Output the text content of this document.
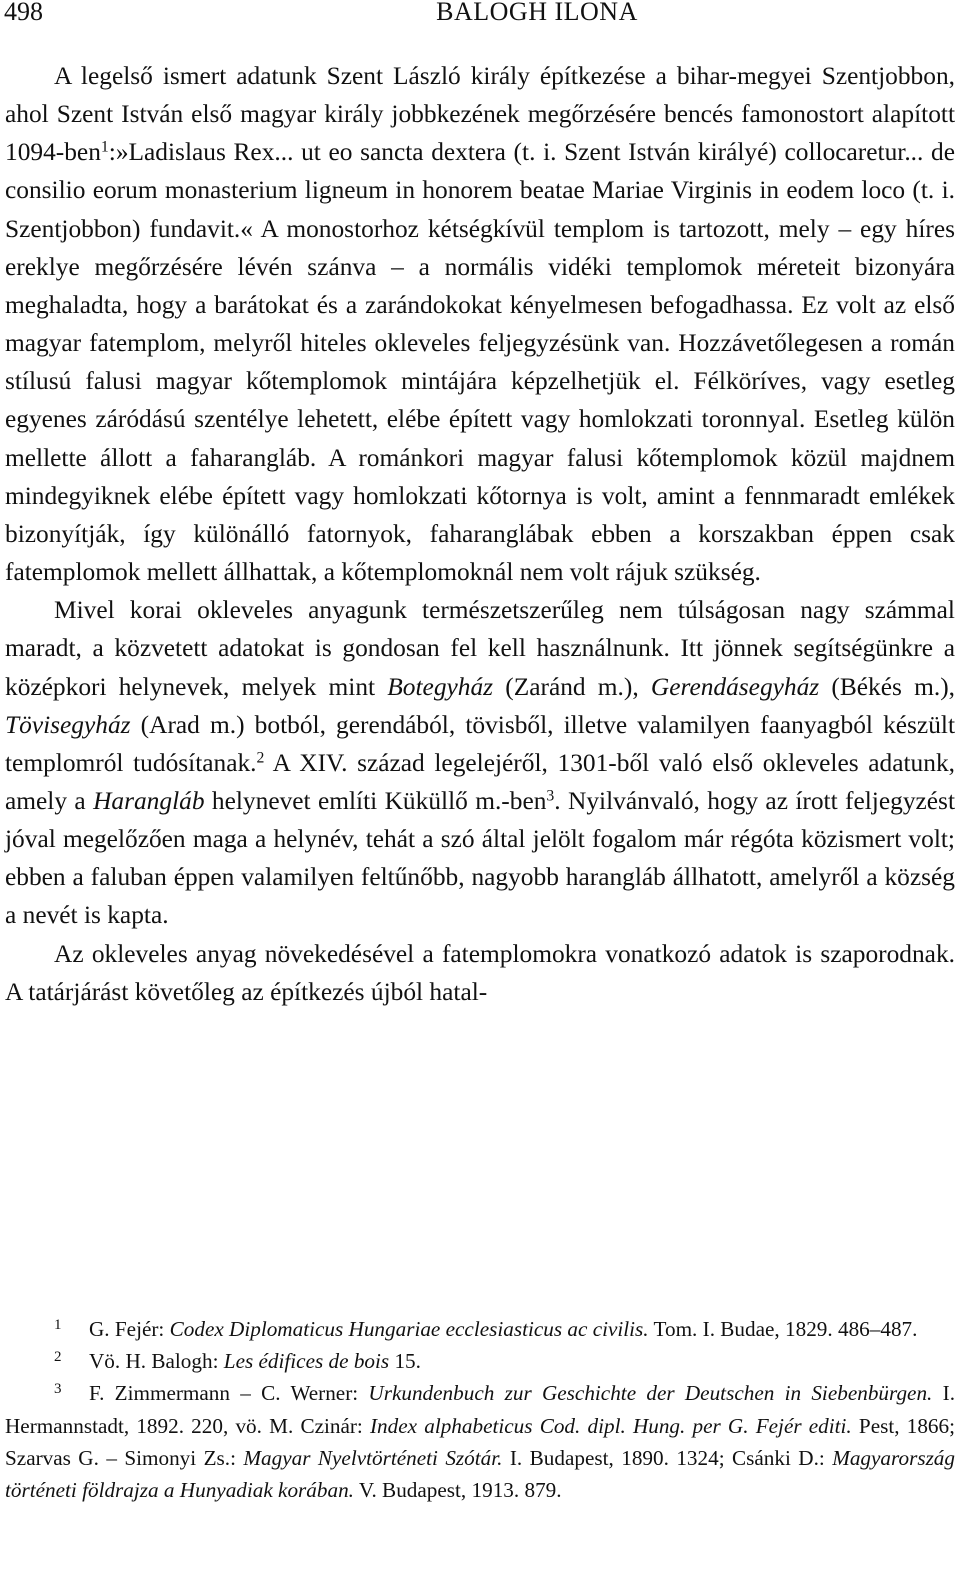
498	BALOGH ILONA

A legelső ismert adatunk Szent László király építkezése a bihar-megyei Szentjobbon, ahol Szent István első magyar király jobbkezének megőrzésére bencés famonostort alapított 1094-ben$^1$:»Ladislaus Rex... ut eo sancta dextera (t. i. Szent István királyé) collocaretur... de consilio eorum monasterium ligneum in honorem beatae Mariae Virginis in eodem loco (t. i. Szentjobbon) fundavit.« A monostorhoz kétségkívül templom is tartozott, mely – egy híres ereklye megőrzésére lévén szánva – a normális vidéki templomok méreteit bizonyára meghaladta, hogy a barátokat és a zarándokokat kényelmesen befogadhassa. Ez volt az első magyar fatemplom, melyről hiteles okleveles feljegyzésünk van. Hozzávetőlegesen a román stílusú falusi magyar kőtemplomok mintájára képzelhetjük el. Félköríves, vagy esetleg egyenes záródású szentélye lehetett, elébe épített vagy homlokzati toronnyal. Esetleg külön mellette állott a faharangláb. A románkori magyar falusi kőtemplomok közül majdnem mindegyiknek elébe épített vagy homlokzati kőtornya is volt, amint a fennmaradt emlékek bizonyítják, így különálló fatornyok, faharanglábak ebben a korszakban éppen csak fatemplomok mellett állhattak, a kőtemplomoknál nem volt rájuk szükség.

Mivel korai okleveles anyagunk természetszerűleg nem túlságosan nagy számmal maradt, a közvetett adatokat is gondosan fel kell használnunk. Itt jönnek segítségünkre a középkori helynevek, melyek mint Botegyház (Zaránd m.), Gerendásegyház (Békés m.), Tövisegyház (Arad m.) botból, gerendából, tövisből, illetve valamilyen faanyagból készült templomról tudósítanak.$^2$ A XIV. század legelejéről, 1301-ből való első okleveles adatunk, amely a Harangláb helynevet említi Küküllő m.-ben$^3$. Nyilvánvaló, hogy az írott feljegyzést jóval megelőzően maga a helynév, tehát a szó által jelölt fogalom már régóta közismert volt; ebben a faluban éppen valamilyen feltűnőbb, nagyobb harangláb állhatott, amelyről a község a nevét is kapta.

Az okleveles anyag növekedésével a fatemplomokra vonatkozó adatok is szaporodnak. A tatárjárást követőleg az építkezés újból hatal-

1 G. Fejér: Codex Diplomaticus Hungariae ecclesiasticus ac civilis. Tom. I. Budae, 1829. 486–487.

2 Vö. H. Balogh: Les édifices de bois 15.

3 F. Zimmermann – C. Werner: Urkundenbuch zur Geschichte der Deutschen in Siebenbürgen. I. Hermannstadt, 1892. 220, vö. M. Czinár: Index alphabeticus Cod. dipl. Hung. per G. Fejér editi. Pest, 1866; Szarvas G. – Simonyi Zs.: Magyar Nyelvtörténeti Szótár. I. Budapest, 1890. 1324; Csánki D.: Magyarország történeti földrajza a Hunyadiak korában. V. Budapest, 1913. 879.
